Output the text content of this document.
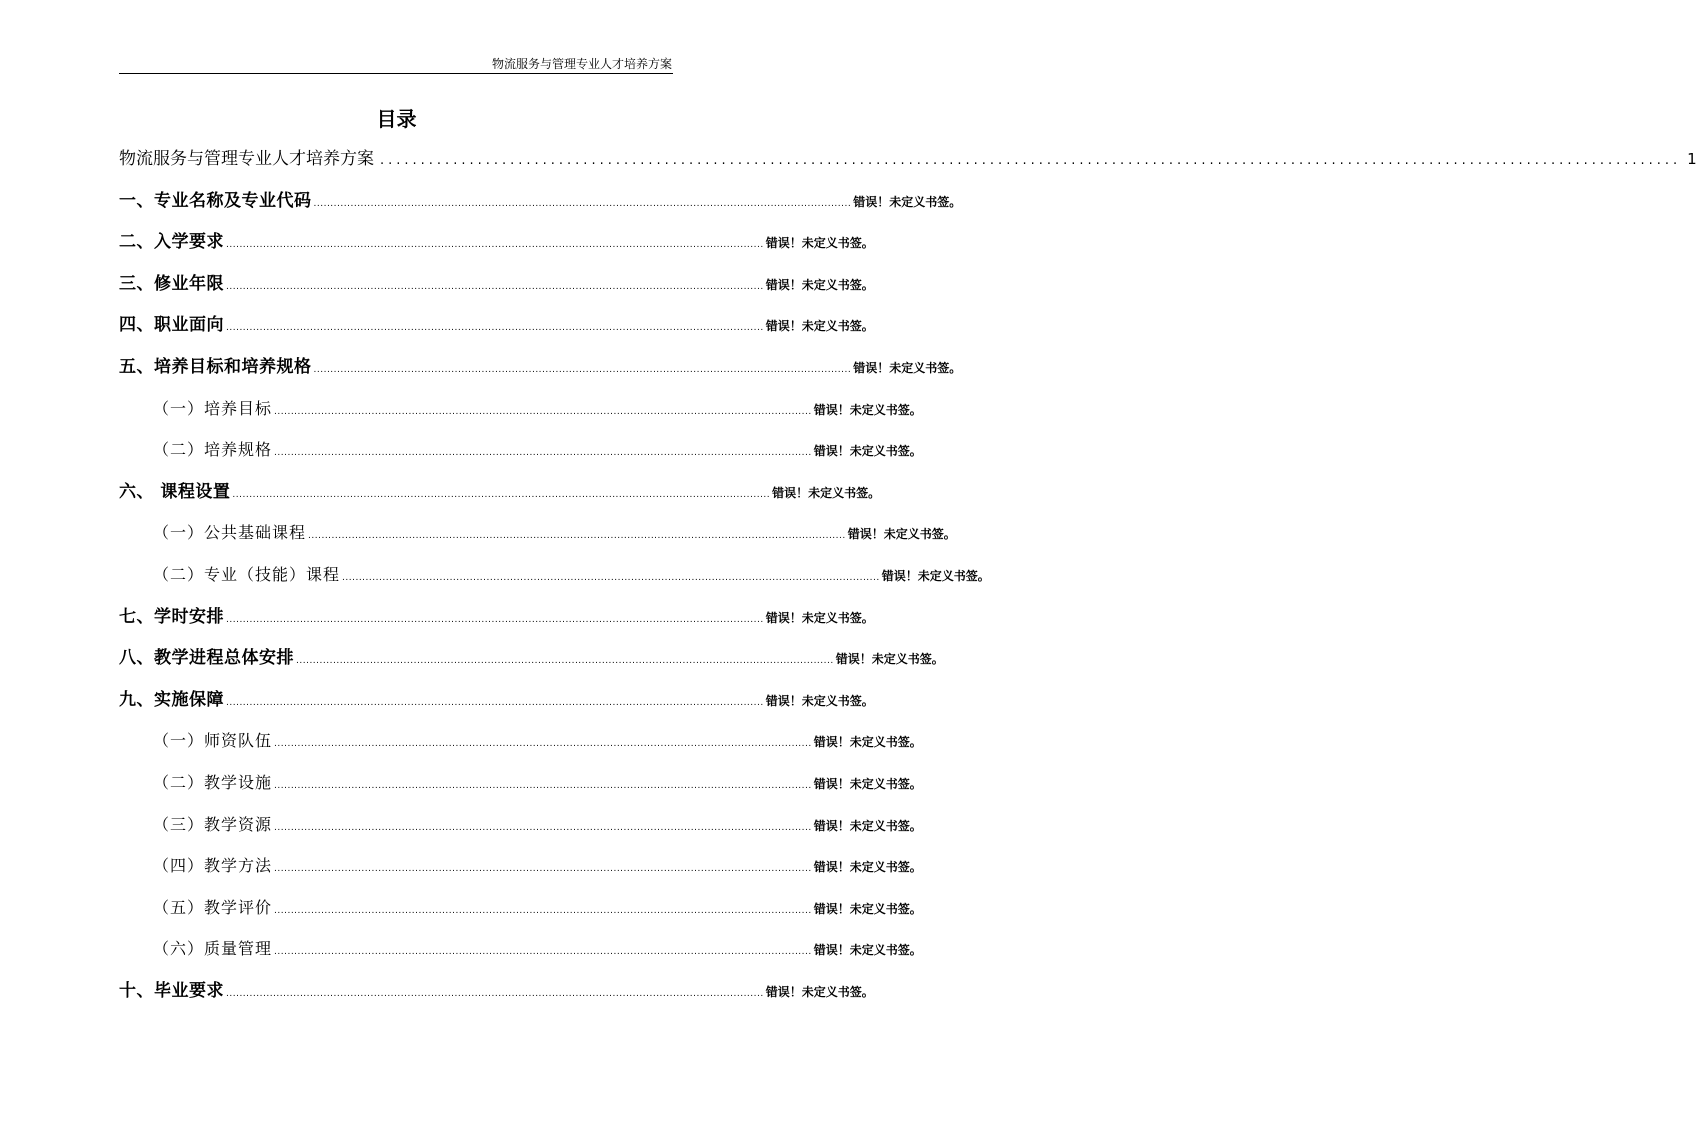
物流服务与管理专业人才培养方案
目录
物流服务与管理专业人才培养方案 ................................................................................................................................................................ 1
一、专业名称及专业代码 ................................................................................................................................................................ 错误！未定义书签。
二、入学要求 ................................................................................................................................................................ 错误！未定义书签。
三、修业年限 ................................................................................................................................................................ 错误！未定义书签。
四、职业面向 ................................................................................................................................................................ 错误！未定义书签。
五、培养目标和培养规格 ................................................................................................................................................................ 错误！未定义书签。
（一）培养目标 ................................................................................................................................................................ 错误！未定义书签。
（二）培养规格 ................................................................................................................................................................ 错误！未定义书签。
六、 课程设置 ................................................................................................................................................................ 错误！未定义书签。
（一）公共基础课程 ................................................................................................................................................................ 错误！未定义书签。
（二）专业（技能）课程 ................................................................................................................................................................ 错误！未定义书签。
七、学时安排 ................................................................................................................................................................ 错误！未定义书签。
八、教学进程总体安排 ................................................................................................................................................................ 错误！未定义书签。
九、实施保障 ................................................................................................................................................................ 错误！未定义书签。
（一）师资队伍 ................................................................................................................................................................ 错误！未定义书签。
（二）教学设施 ................................................................................................................................................................ 错误！未定义书签。
（三）教学资源 ................................................................................................................................................................ 错误！未定义书签。
（四）教学方法 ................................................................................................................................................................ 错误！未定义书签。
（五）教学评价 ................................................................................................................................................................ 错误！未定义书签。
（六）质量管理 ................................................................................................................................................................ 错误！未定义书签。
十、毕业要求 ................................................................................................................................................................ 错误！未定义书签。
